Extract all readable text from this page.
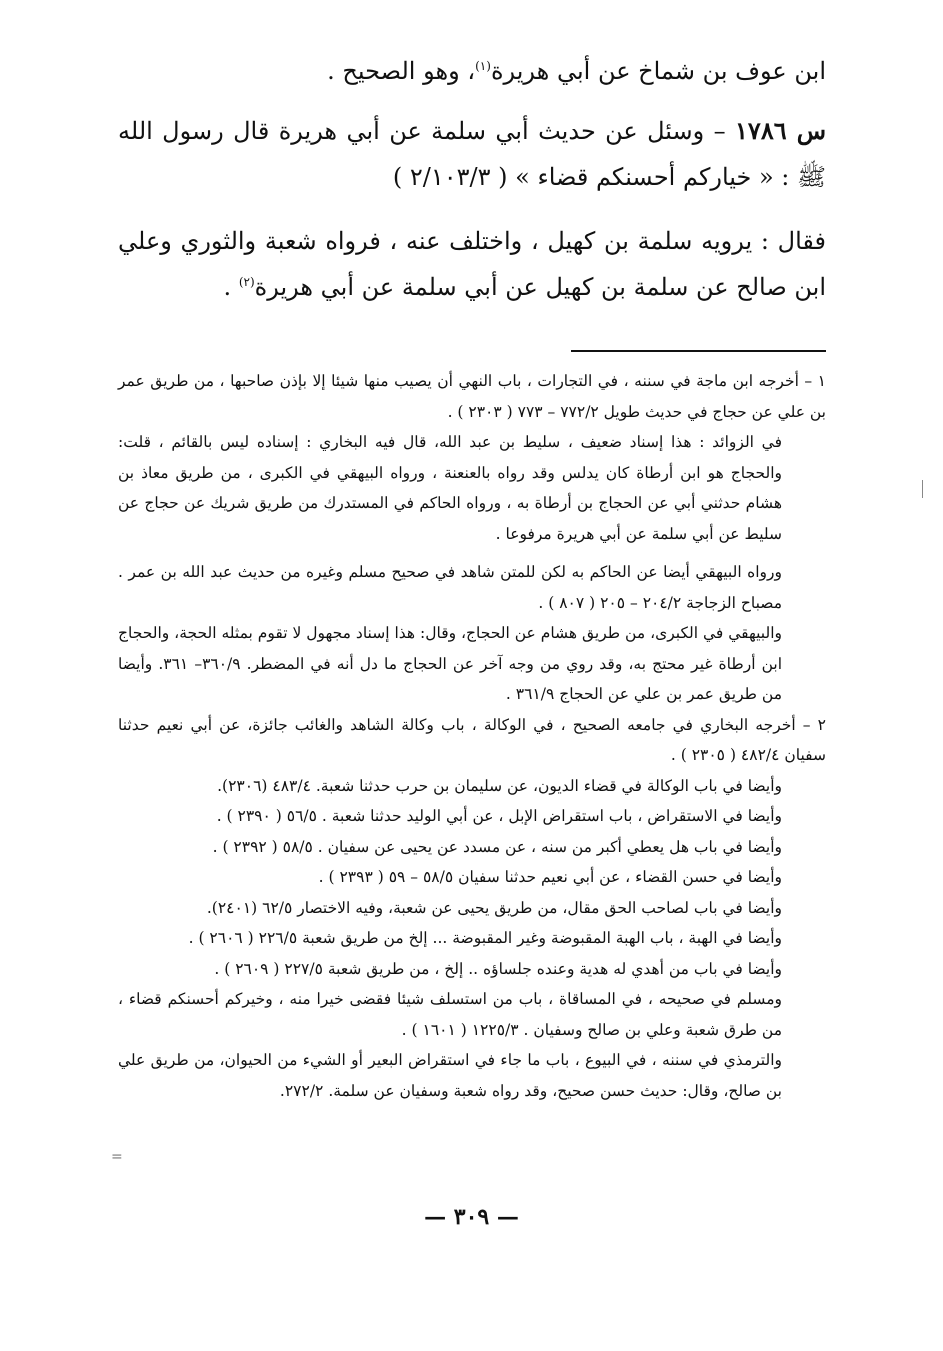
ابن عوف بن شماخ عن أبي هريرة$^{(١)}$، وهو الصحيح .

س ١٧٨٦ – وسئل عن حديث أبي سلمة عن أبي هريرة قال رسول الله ﷺ : « خياركم أحسنكم قضاء » ( ٢/١٠٣/٣ )

فقال : يرويه سلمة بن كهيل ، واختلف عنه ، فرواه شعبة والثوري وعلي ابن صالح عن سلمة بن كهيل عن أبي سلمة عن أبي هريرة$^{(٢)}$ .

١ – أخرجه ابن ماجة في سننه ، في التجارات ، باب النهي أن يصيب منها شيئا إلا بإذن صاحبها ، من طريق عمر بن علي عن حجاج في حديث طويل ٧٧٢/٢ – ٧٧٣ ( ٢٣٠٣ ) .

في الزوائد : هذا إسناد ضعيف ، سليط بن عبد الله، قال فيه البخاري : إسناده ليس بالقائم ، قلت: والحجاج هو ابن أرطاة كان يدلس وقد رواه بالعنعنة ، ورواه البيهقي في الكبرى ، من طريق معاذ بن هشام حدثني أبي عن الحجاج بن أرطاة به ، ورواه الحاكم في المستدرك من طريق شريك عن حجاج عن سليط عن أبي سلمة عن أبي هريرة مرفوعا .

ورواه البيهقي أيضا عن الحاكم به لكن للمتن شاهد في صحيح مسلم وغيره من حديث عبد الله بن عمر . مصباح الزجاجة ٢٠٤/٢ – ٢٠٥ ( ٨٠٧ ) .

والبيهقي في الكبرى، من طريق هشام عن الحجاج، وقال: هذا إسناد مجهول لا تقوم بمثله الحجة، والحجاج ابن أرطاة غير محتج به، وقد روي من وجه آخر عن الحجاج ما دل أنه في المضطر. ٣٦٠/٩– ٣٦١. وأيضا من طريق عمر بن علي عن الحجاج ٣٦١/٩ .

٢ – أخرجه البخاري في جامعه الصحيح ، في الوكالة ، باب وكالة الشاهد والغائب جائزة، عن أبي نعيم حدثنا سفيان ٤٨٢/٤ ( ٢٣٠٥ ) .

وأيضا في باب الوكالة في قضاء الديون، عن سليمان بن حرب حدثنا شعبة. ٤٨٣/٤ (٢٣٠٦).

وأيضا في الاستقراض ، باب استقراض الإبل ، عن أبي الوليد حدثنا شعبة . ٥٦/٥ ( ٢٣٩٠ ) .

وأيضا في باب هل يعطي أكبر من سنه ، عن مسدد عن يحيى عن سفيان . ٥٨/٥ ( ٢٣٩٢ ) .

وأيضا في حسن القضاء ، عن أبي نعيم حدثنا سفيان ٥٨/٥ – ٥٩ ( ٢٣٩٣ ) .

وأيضا في باب لصاحب الحق مقال، من طريق يحيى عن شعبة، وفيه الاختصار ٦٢/٥ (٢٤٠١).

وأيضا في الهبة ، باب الهبة المقبوضة وغير المقبوضة ... إلخ من طريق شعبة ٢٢٦/٥ ( ٢٦٠٦ ) .

وأيضا في باب من أهدي له هدية وعنده جلساؤه .. إلخ ، من طريق شعبة ٢٢٧/٥ ( ٢٦٠٩ ) .

ومسلم في صحيحه ، في المساقاة ، باب من استسلف شيئا فقضى خيرا منه ، وخيركم أحسنكم قضاء ، من طرق شعبة وعلي بن صالح وسفيان . ١٢٢٥/٣ ( ١٦٠١ ) .

والترمذي في سننه ، في البيوع ، باب ما جاء في استقراض البعير أو الشيء من الحيوان، من طريق علي بن صالح، وقال: حديث حسن صحيح، وقد رواه شعبة وسفيان عن سلمة. ٢٧٢/٢.

=
— ٣٠٩ —
